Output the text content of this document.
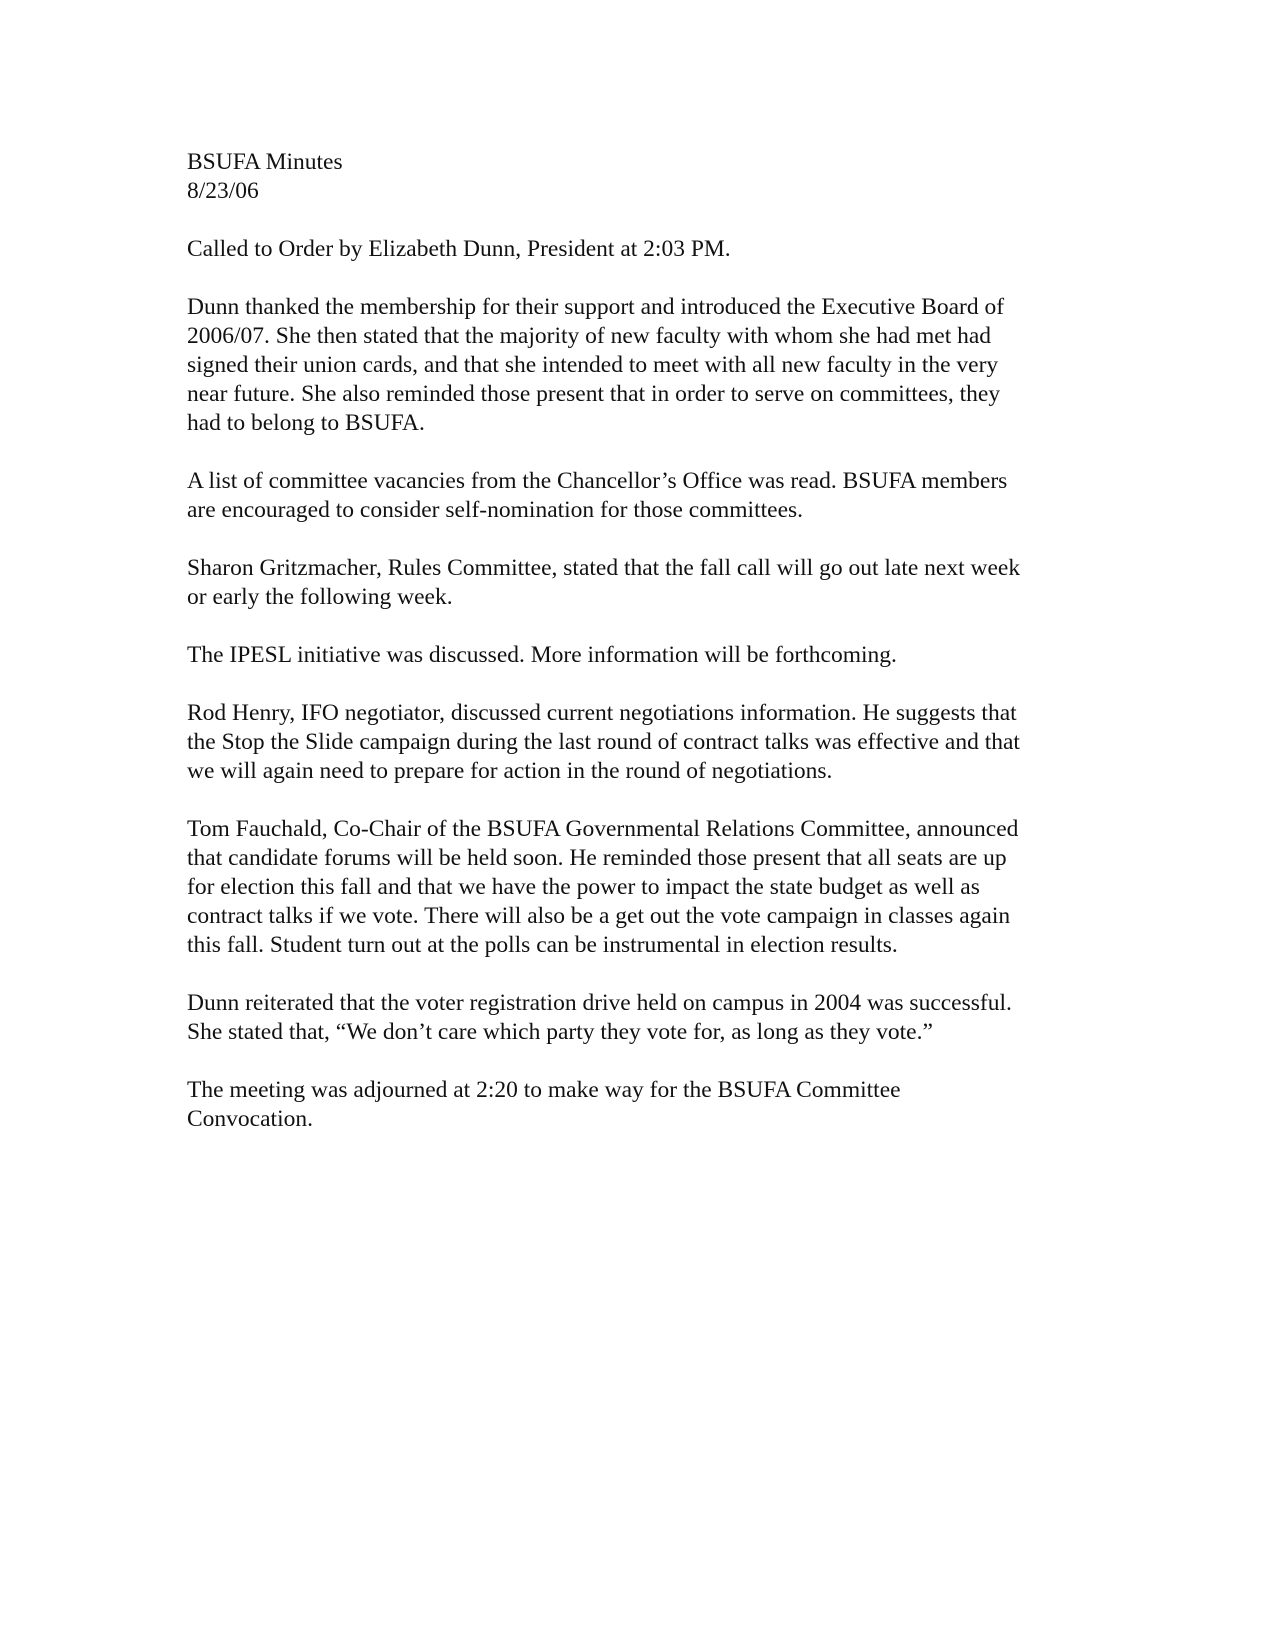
BSUFA Minutes
8/23/06

Called to Order by Elizabeth Dunn, President at 2:03 PM.

Dunn thanked the membership for their support and introduced the Executive Board of
2006/07. She then stated that the majority of new faculty with whom she had met had
signed their union cards, and that she intended to meet with all new faculty in the very
near future. She also reminded those present that in order to serve on committees, they
had to belong to BSUFA.

A list of committee vacancies from the Chancellor’s Office was read. BSUFA members
are encouraged to consider self-nomination for those committees.

Sharon Gritzmacher, Rules Committee, stated that the fall call will go out late next week
or early the following week.

The IPESL initiative was discussed. More information will be forthcoming.

Rod Henry, IFO negotiator, discussed current negotiations information. He suggests that
the Stop the Slide campaign during the last round of contract talks was effective and that
we will again need to prepare for action in the round of negotiations.

Tom Fauchald, Co-Chair of the BSUFA Governmental Relations Committee, announced
that candidate forums will be held soon. He reminded those present that all seats are up
for election this fall and that we have the power to impact the state budget as well as
contract talks if we vote. There will also be a get out the vote campaign in classes again
this fall. Student turn out at the polls can be instrumental in election results.

Dunn reiterated that the voter registration drive held on campus in 2004 was successful.
She stated that, “We don’t care which party they vote for, as long as they vote.”

The meeting was adjourned at 2:20 to make way for the BSUFA Committee
Convocation.
